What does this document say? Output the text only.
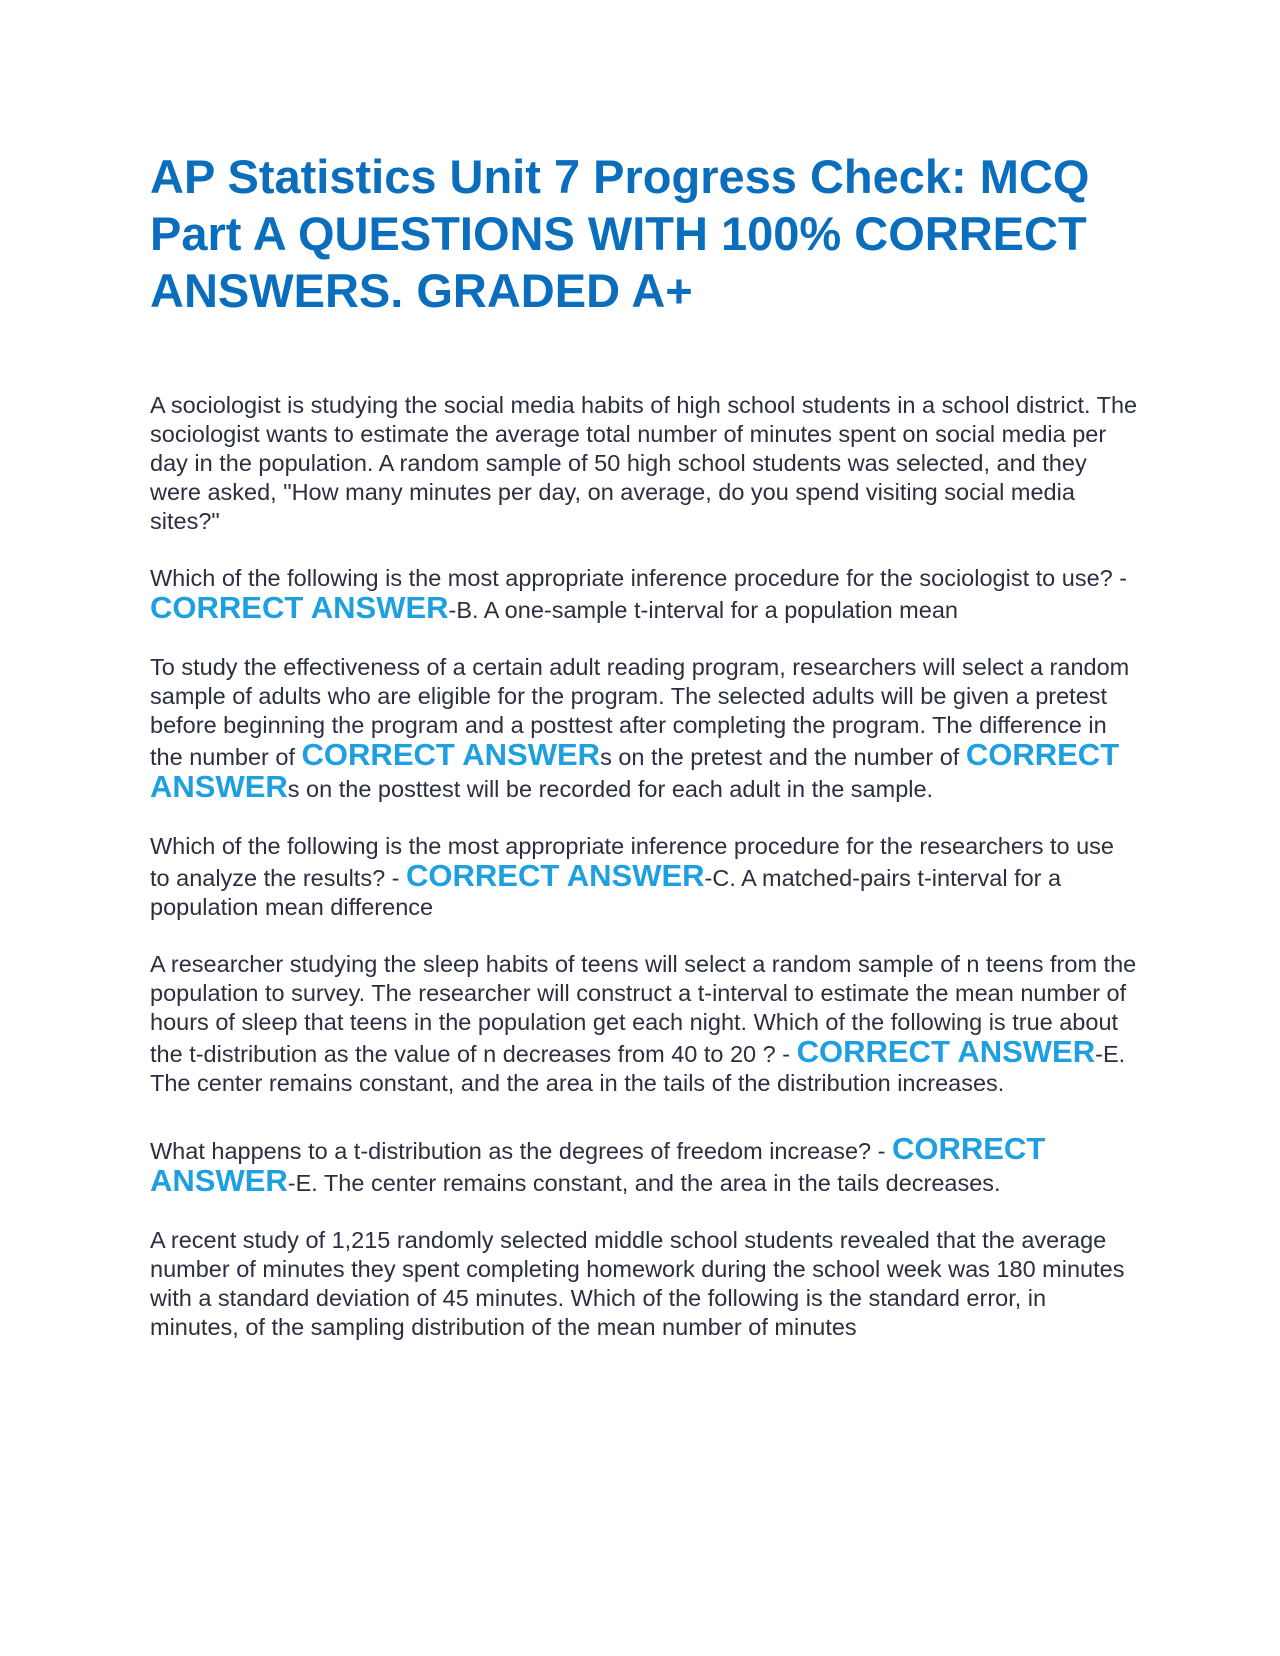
AP Statistics Unit 7 Progress Check: MCQ Part A QUESTIONS WITH 100% CORRECT ANSWERS. GRADED A+

A sociologist is studying the social media habits of high school students in a school district. The sociologist wants to estimate the average total number of minutes spent on social media per day in the population. A random sample of 50 high school students was selected, and they were asked, "How many minutes per day, on average, do you spend visiting social media sites?"

Which of the following is the most appropriate inference procedure for the sociologist to use? - CORRECT ANSWER-B. A one-sample t-interval for a population mean

To study the effectiveness of a certain adult reading program, researchers will select a random sample of adults who are eligible for the program. The selected adults will be given a pretest before beginning the program and a posttest after completing the program. The difference in the number of CORRECT ANSWERs on the pretest and the number of CORRECT ANSWERs on the posttest will be recorded for each adult in the sample.

Which of the following is the most appropriate inference procedure for the researchers to use to analyze the results? - CORRECT ANSWER-C. A matched-pairs t-interval for a population mean difference

A researcher studying the sleep habits of teens will select a random sample of n teens from the population to survey. The researcher will construct a t-interval to estimate the mean number of hours of sleep that teens in the population get each night. Which of the following is true about the t-distribution as the value of n decreases from 40 to 20 ? - CORRECT ANSWER-E. The center remains constant, and the area in the tails of the distribution increases.

What happens to a t-distribution as the degrees of freedom increase? - CORRECT ANSWER-E. The center remains constant, and the area in the tails decreases.

A recent study of 1,215 randomly selected middle school students revealed that the average number of minutes they spent completing homework during the school week was 180 minutes with a standard deviation of 45 minutes. Which of the following is the standard error, in minutes, of the sampling distribution of the mean number of minutes
